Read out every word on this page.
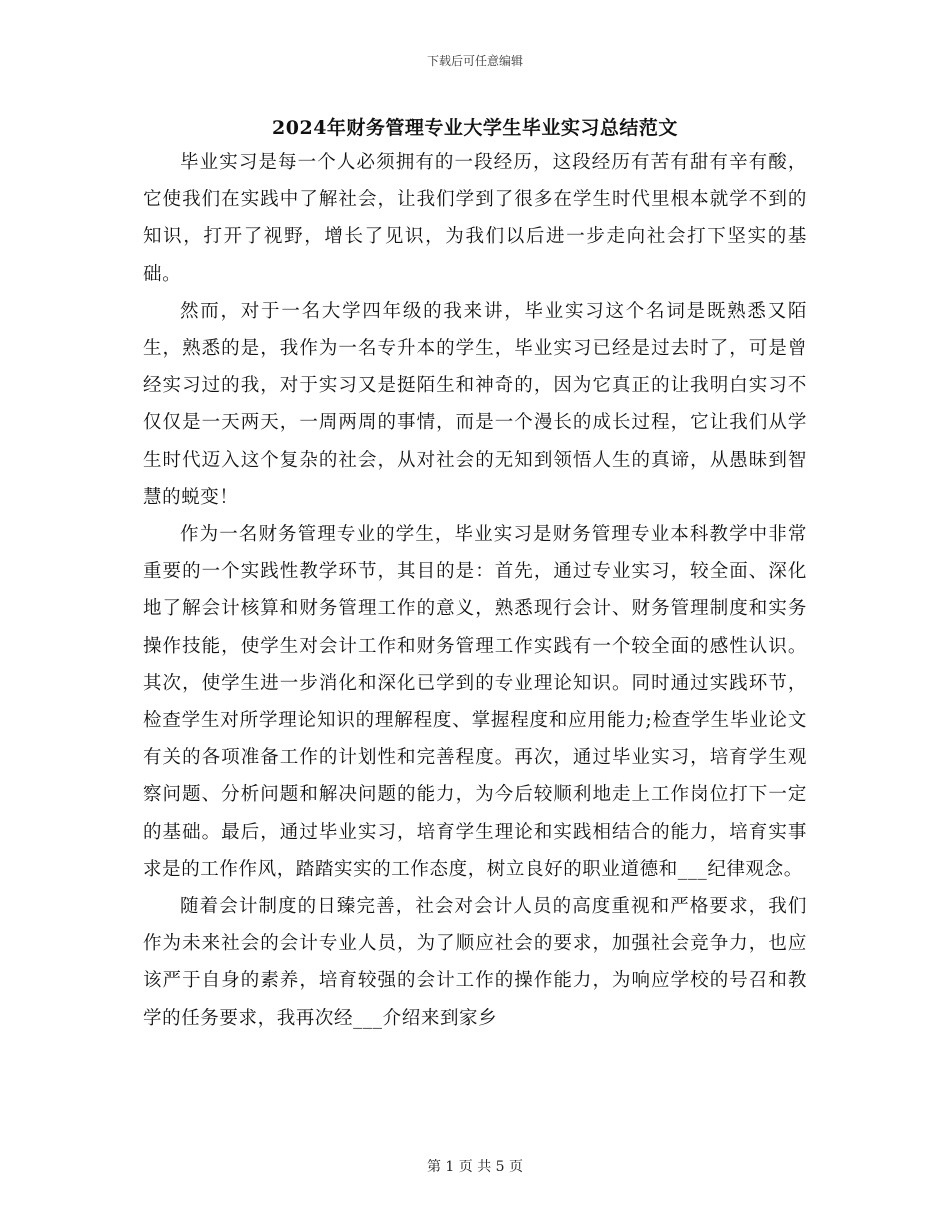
下载后可任意编辑
2024年财务管理专业大学生毕业实习总结范文

毕业实习是每一个人必须拥有的一段经历，这段经历有苦有甜有辛有酸，它使我们在实践中了解社会，让我们学到了很多在学生时代里根本就学不到的知识，打开了视野，增长了见识，为我们以后进一步走向社会打下坚实的基础。

然而，对于一名大学四年级的我来讲，毕业实习这个名词是既熟悉又陌生，熟悉的是，我作为一名专升本的学生，毕业实习已经是过去时了，可是曾经实习过的我，对于实习又是挺陌生和神奇的，因为它真正的让我明白实习不仅仅是一天两天，一周两周的事情，而是一个漫长的成长过程，它让我们从学生时代迈入这个复杂的社会，从对社会的无知到领悟人生的真谛，从愚昧到智慧的蜕变！

作为一名财务管理专业的学生，毕业实习是财务管理专业本科教学中非常重要的一个实践性教学环节，其目的是：首先，通过专业实习，较全面、深化地了解会计核算和财务管理工作的意义，熟悉现行会计、财务管理制度和实务操作技能，使学生对会计工作和财务管理工作实践有一个较全面的感性认识。其次，使学生进一步消化和深化已学到的专业理论知识。同时通过实践环节，检查学生对所学理论知识的理解程度、掌握程度和应用能力;检查学生毕业论文有关的各项准备工作的计划性和完善程度。再次，通过毕业实习，培育学生观察问题、分析问题和解决问题的能力，为今后较顺利地走上工作岗位打下一定的基础。最后，通过毕业实习，培育学生理论和实践相结合的能力，培育实事求是的工作作风，踏踏实实的工作态度，树立良好的职业道德和___纪律观念。

随着会计制度的日臻完善，社会对会计人员的高度重视和严格要求，我们作为未来社会的会计专业人员，为了顺应社会的要求，加强社会竞争力，也应该严于自身的素养，培育较强的会计工作的操作能力，为响应学校的号召和教学的任务要求，我再次经___介绍来到家乡

第 1 页 共 5 页
